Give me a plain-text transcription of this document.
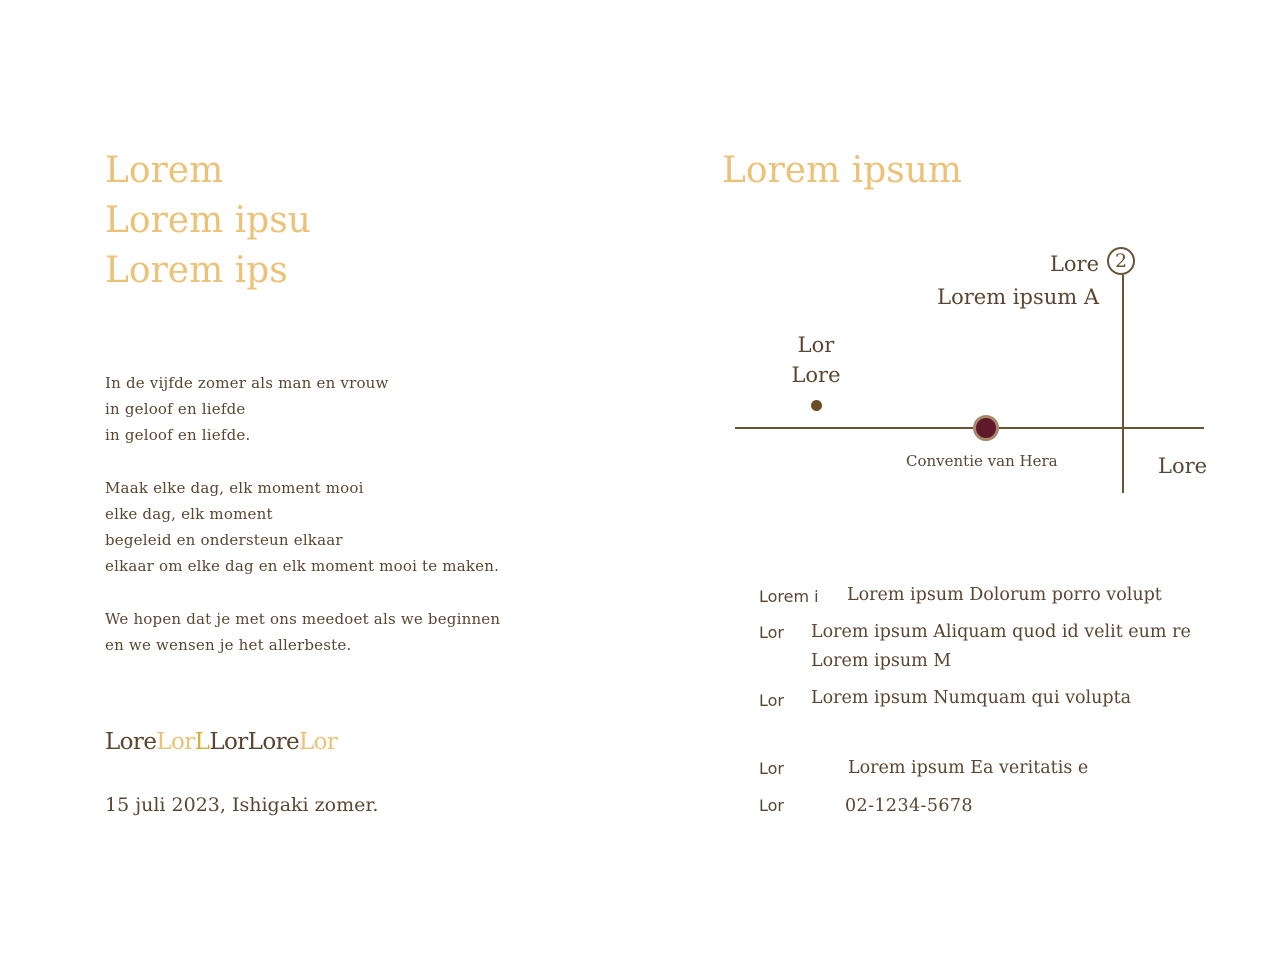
Lorem
Lorem ipsu
Lorem ips
In de vijfde zomer als man en vrouw
in geloof en liefde
in geloof en liefde.
Maak elke dag, elk moment mooi
elke dag, elk moment
begeleid en ondersteun elkaar
elkaar om elke dag en elk moment mooi te maken.
We hopen dat je met ons meedoet als we beginnen
en we wensen je het allerbeste.
LoreLorLLorLoreLor
15 juli 2023, Ishigaki zomer.
Lorem ipsum
Lore 2
Lorem ipsum A
Lor
Lore
Conventie van Hera	Lore
Lorem i Lorem ipsum Dolorum porro volupt
Lor Lorem ipsum Aliquam quod id velit eum re
Lorem ipsum M
Lor Lorem ipsum Numquam qui volupta
Lor	Lorem ipsum Ea veritatis e
Lor	02-1234-5678
